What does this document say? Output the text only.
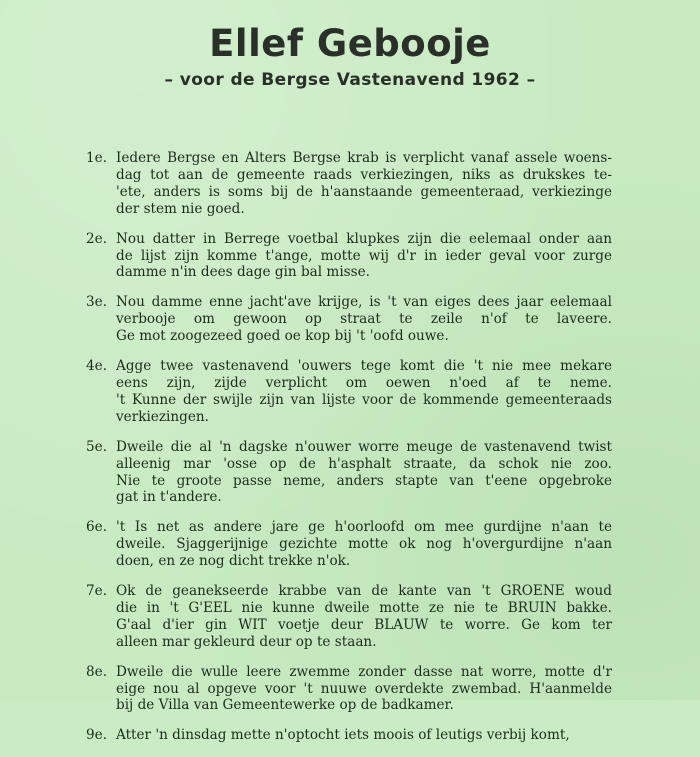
Ellef Gebooje
– voor de Bergse Vastenavend 1962 –
1e. Iedere Bergse en Alters Bergse krab is verplicht vanaf assele woens-
dag tot aan de gemeente raads verkiezingen, niks as drukskes te-
'ete, anders is soms bij de h'aanstaande gemeenteraad, verkiezinge
der stem nie goed.
2e. Nou datter in Berrege voetbal klupkes zijn die eelemaal onder aan
de lijst zijn komme t'ange, motte wij d'r in ieder geval voor zurge
damme n'in dees dage gin bal misse.
3e. Nou damme enne jacht'ave krijge, is 't van eiges dees jaar eelemaal
verbooje om gewoon op straat te zeile n'of te laveere.
Ge mot zoogezeed goed oe kop bij 't 'oofd ouwe.
4e. Agge twee vastenavend 'ouwers tege komt die 't nie mee mekare
eens zijn, zijde verplicht om oewen n'oed af te neme.
't Kunne der swijle zijn van lijste voor de kommende gemeenteraads
verkiezingen.
5e. Dweile die al 'n dagske n'ouwer worre meuge de vastenavend twist
alleenig mar 'osse op de h'asphalt straate, da schok nie zoo.
Nie te groote passe neme, anders stapte van t'eene opgebroke
gat in t'andere.
6e. 't Is net as andere jare ge h'oorloofd om mee gurdijne n'aan te
dweile. Sjaggerijnige gezichte motte ok nog h'overgurdijne n'aan
doen, en ze nog dicht trekke n'ok.
7e. Ok de geanekseerde krabbe van de kante van 't GROENE woud
die in 't G'EEL nie kunne dweile motte ze nie te BRUIN bakke.
G'aal d'ier gin WIT voetje deur BLAUW te worre. Ge kom ter
alleen mar gekleurd deur op te staan.
8e. Dweile die wulle leere zwemme zonder dasse nat worre, motte d'r
eige nou al opgeve voor 't nuuwe overdekte zwembad. H'aanmelde
bij de Villa van Gemeentewerke op de badkamer.
9e. Atter 'n dinsdag mette n'optocht iets moois of leutigs verbij komt,
